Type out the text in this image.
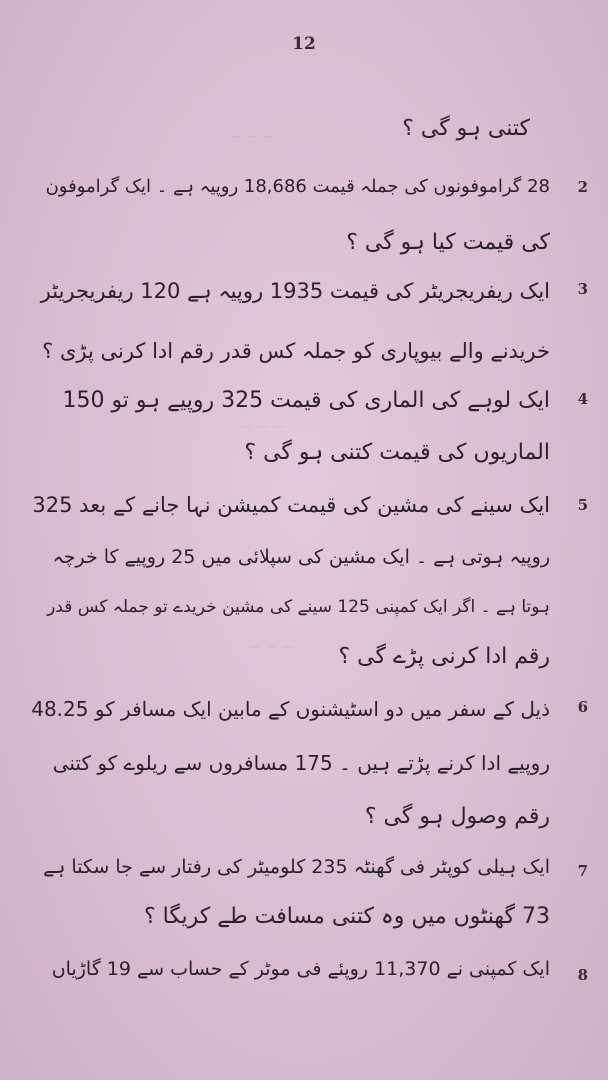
— — —
— — —
— — —
12
کتنی ہو گی ؟
2
28 گراموفونوں کی جملہ قیمت 18,686 روپیہ ہے ۔ ایک گراموفون
کی قیمت کیا ہو گی ؟
3
ایک ریفریجریٹر کی قیمت 1935 روپیہ ہے 120 ریفریجریٹر
خریدنے والے بیوپاری کو جملہ کس قدر رقم ادا کرنی پڑی ؟
4
ایک لوہے کی الماری کی قیمت 325 روپیے ہو تو 150
الماریوں کی قیمت کتنی ہو گی ؟
5
ایک سینے کی مشین کی قیمت کمیشن نہا جانے کے بعد 325
روپیہ ہوتی ہے ۔ ایک مشین کی سپلائی میں 25 روپیے کا خرچہ
ہوتا ہے ۔ اگر ایک کمپنی 125 سینے کی مشین خریدے تو جملہ کس قدر
رقم ادا کرنی پڑے گی ؟
6
ذیل کے سفر میں دو اسٹیشنوں کے مابین ایک مسافر کو 48.25
روپیے ادا کرنے پڑتے ہیں ۔ 175 مسافروں سے ریلوے کو کتنی
رقم وصول ہو گی ؟
7
ایک ہیلی کوپٹر فی گھنٹہ 235 کلومیٹر کی رفتار سے جا سکتا ہے
73 گھنٹوں میں وہ کتنی مسافت طے کریگا ؟
8
ایک کمپنی نے 11,370 روپئے فی موٹر کے حساب سے 19 گاڑیاں
